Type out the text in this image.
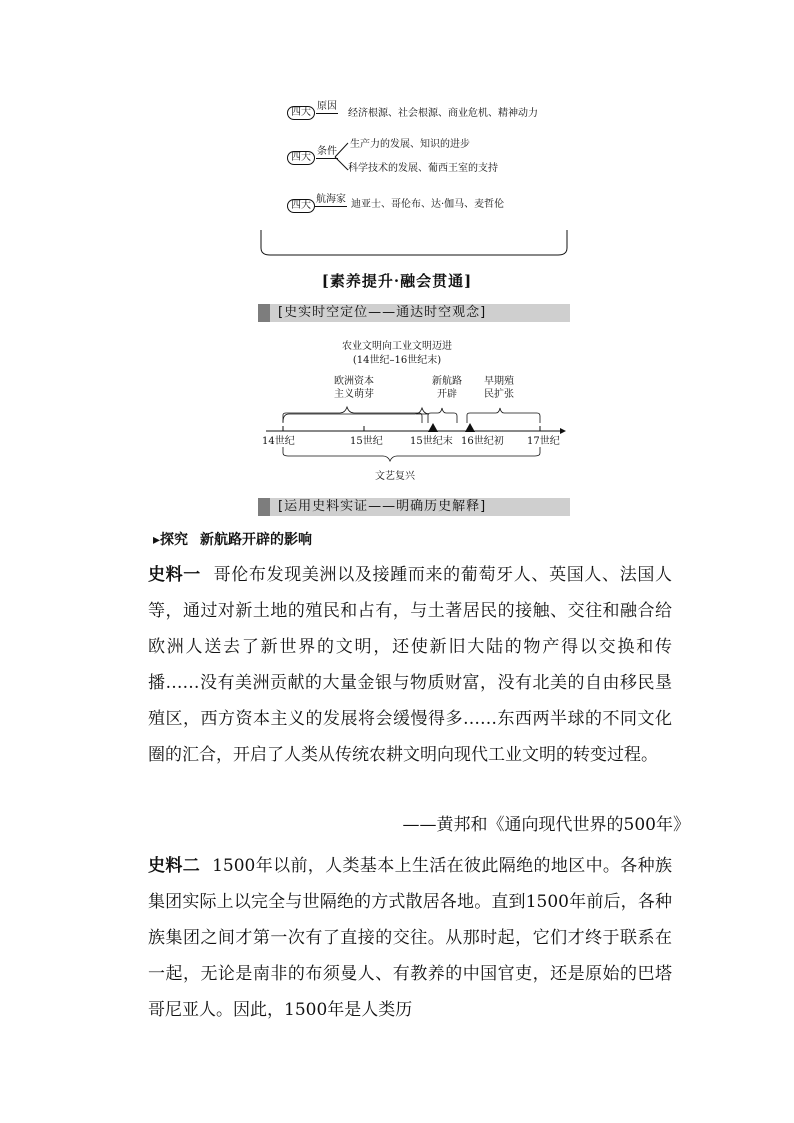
四大
原因
经济根源、社会根源、商业危机、精神动力
四大
条件
生产力的发展、知识的进步
科学技术的发展、葡西王室的支持
四大
航海家 迪亚士、哥伦布、达·伽马、麦哲伦
[素养提升·融会贯通]
[ 史实时空定位——通达时空观念 ]
农业文明向工业文明迈进
(14世纪–16世纪末)
欧洲资本
主义萌芽
新航路
开辟
早期殖
民扩张
14世纪	15世纪	15世纪末 16世纪初 17世纪
文艺复兴
[ 运用史料实证——明确历史解释 ]
▸探究 新航路开辟的影响
史料一 哥伦布发现美洲以及接踵而来的葡萄牙人、英国人、法国人等，通过对新土地的殖民和占有，与土著居民的接触、交往和融合给欧洲人送去了新世界的文明，还使新旧大陆的物产得以交换和传播……没有美洲贡献的大量金银与物质财富，没有北美的自由移民垦殖区，西方资本主义的发展将会缓慢得多……东西两半球的不同文化圈的汇合，开启了人类从传统农耕文明向现代工业文明的转变过程。
——黄邦和《通向现代世界的500年》
史料二 1500年以前，人类基本上生活在彼此隔绝的地区中。各种族集团实际上以完全与世隔绝的方式散居各地。直到1500年前后，各种族集团之间才第一次有了直接的交往。从那时起，它们才终于联系在一起，无论是南非的布须曼人、有教养的中国官吏，还是原始的巴塔哥尼亚人。因此，1500年是人类历
